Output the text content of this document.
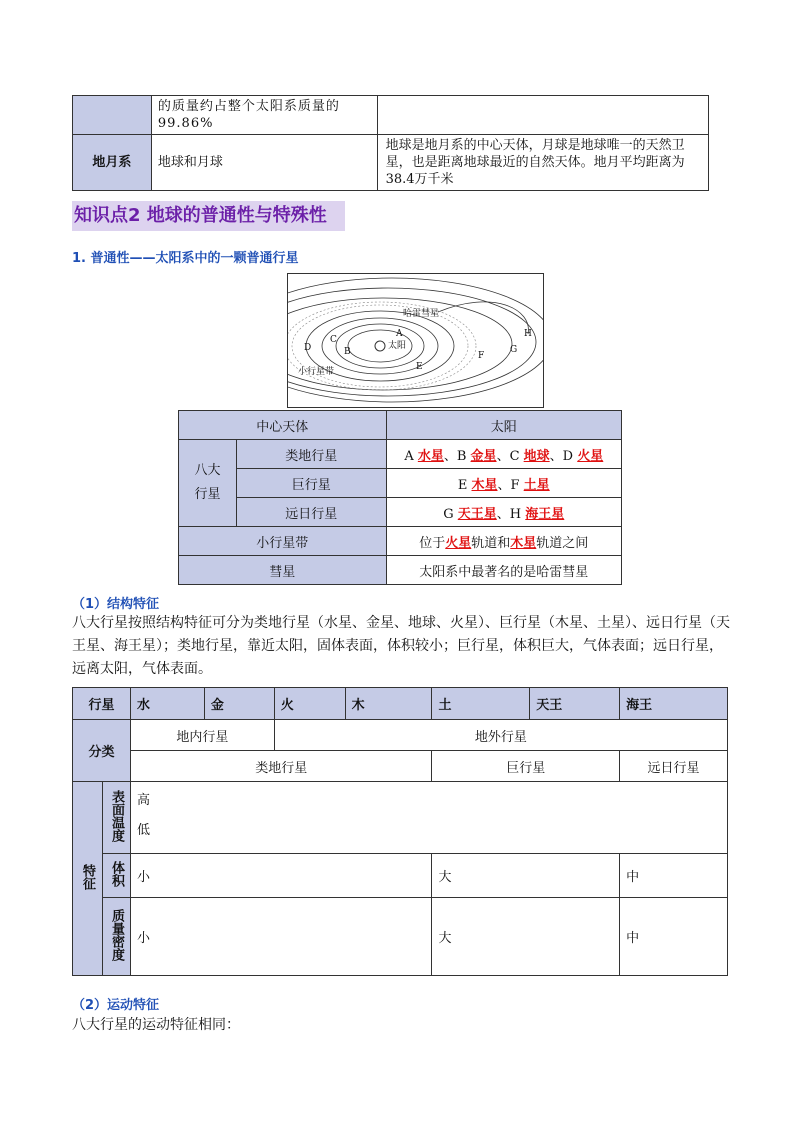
	的质量约占整个太阳系质量的99.86%	
地月系	地球和月球	地球是地月系的中心天体，月球是地球唯一的天然卫星，也是距离地球最近的自然天体。地月平均距离为38.4万千米
知识点2 地球的普通性与特殊性
1. 普通性——太阳系中的一颗普通行星
太阳
哈雷彗星
小行星带
A
B
C
D
E
F
G
H
中心天体		太阳
八大行星	类地行星	A 水星、B 金星、C 地球、D 火星
	巨行星	E 木星、F 土星
	远日行星	G 天王星、H 海王星
小行星带		位于火星轨道和木星轨道之间
彗星		太阳系中最著名的是哈雷彗星
（1）结构特征
八大行星按照结构特征可分为类地行星（水星、金星、地球、火星）、巨行星（木星、土星）、远日行星（天王星、海王星）；类地行星，靠近太阳，固体表面，体积较小；巨行星，体积巨大，气体表面；远日行星，远离太阳，气体表面。
行星		水	金	火	木	土	天王	海王
分类		地内行星		地外行星				
		类地行星				巨行星		远日行星
特征	表面温度	高
低						

	体积	小				大		中
	质量密度	小				大		中
（2）运动特征
八大行星的运动特征相同：
